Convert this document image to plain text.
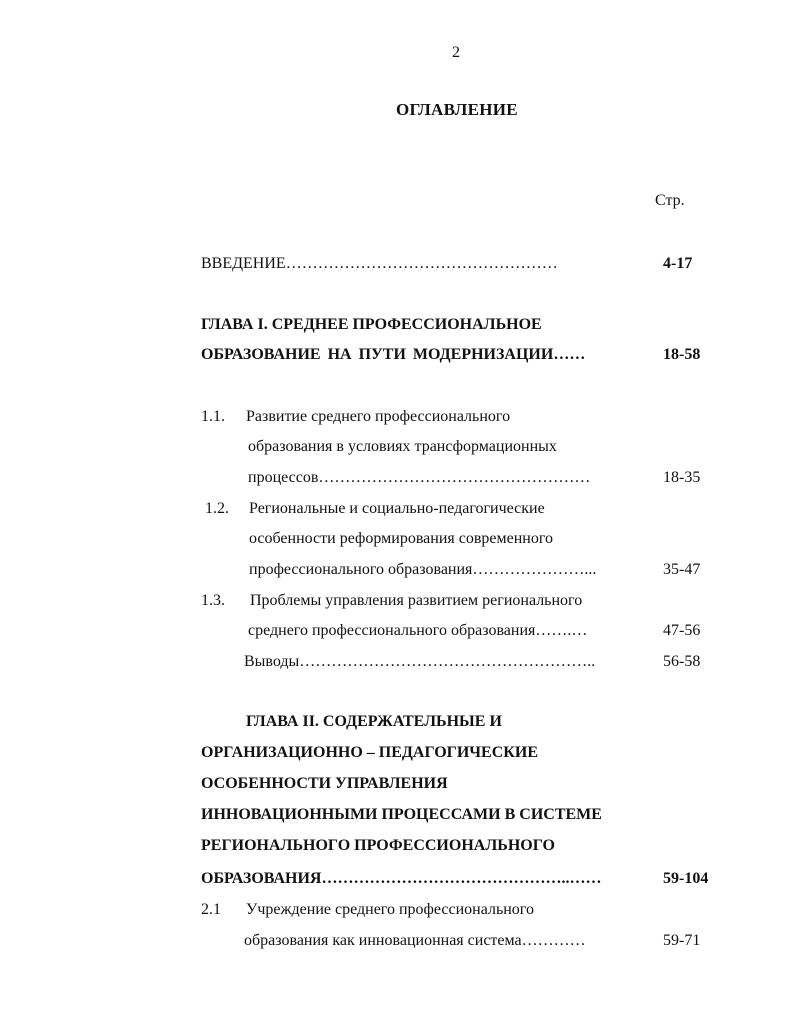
2
ОГЛАВЛЕНИЕ
Стр.
ВВЕДЕНИЕ……………………………………………	4-17
ГЛАВА I. СРЕДНЕЕ ПРОФЕССИОНАЛЬНОЕ
ОБРАЗОВАНИЕ НА ПУТИ МОДЕРНИЗАЦИИ……	18-58
1.1. Развитие среднего профессионального
образования в условиях трансформационных
процессов……………………………………………	18-35
1.2. Региональные и социально-педагогические
особенности реформирования современного
профессионального образования…………………...	35-47
1.3. Проблемы управления развитием регионального
среднего профессионального образования…….…	47-56
Выводы………………………………………………..	56-58
ГЛАВА II. СОДЕРЖАТЕЛЬНЫЕ И
ОРГАНИЗАЦИОННО – ПЕДАГОГИЧЕСКИЕ
ОСОБЕННОСТИ УПРАВЛЕНИЯ
ИННОВАЦИОННЫМИ ПРОЦЕССАМИ В СИСТЕМЕ
РЕГИОНАЛЬНОГО ПРОФЕССИОНАЛЬНОГО
ОБРАЗОВАНИЯ………………………………………..……	59-104
2.1 Учреждение среднего профессионального
образования как инновационная система…………	59-71
